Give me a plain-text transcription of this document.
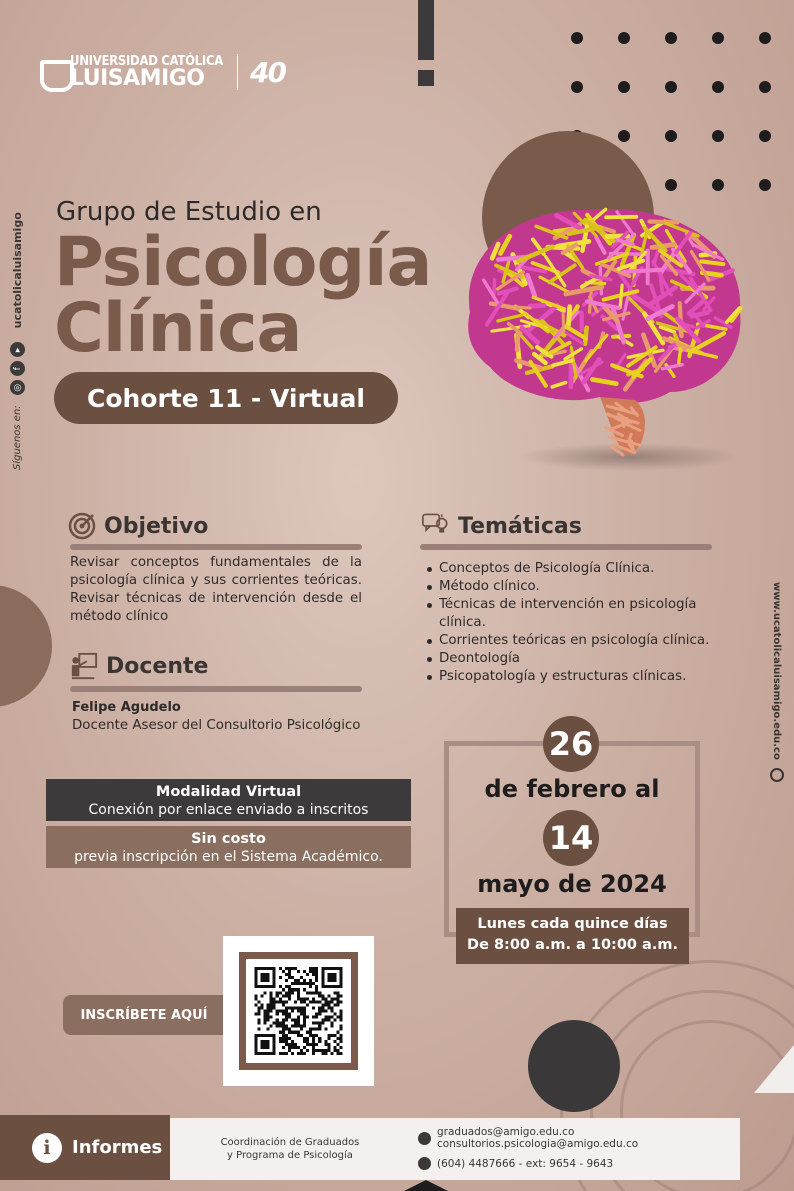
UNIVERSIDAD CATÓLICA
LUISAMIGO	40
Síguenos en:
◎
f
▸
ucatolicaluisamigo
www.ucatolicaluisamigo.edu.co
Grupo de Estudio en
Psicología
Clínica
Cohorte 11 - Virtual
Objetivo
Revisar conceptos fundamentales de la psicología clínica y sus corrientes teóricas. Revisar técnicas de intervención desde el método clínico
Temáticas
Conceptos de Psicología Clínica.
Método clínico.
Técnicas de intervención en psicología clínica.
Corrientes teóricas en psicología clínica.
Deontología
Psicopatología y estructuras clínicas.
Docente
Felipe Agudelo
Docente Asesor del Consultorio Psicológico
Modalidad Virtual
Conexión por enlace enviado a inscritos
Sin costo
previa inscripción en el Sistema Académico.
26
de febrero al
14
mayo de 2024
Lunes cada quince días
De 8:00 a.m. a 10:00 a.m.
INSCRÍBETE AQUÍ
i	Informes	Coordinación de Graduados
y Programa de Psicología
graduados@amigo.edu.co
consultorios.psicologia@amigo.edu.co
(604) 4487666 - ext: 9654 - 9643
